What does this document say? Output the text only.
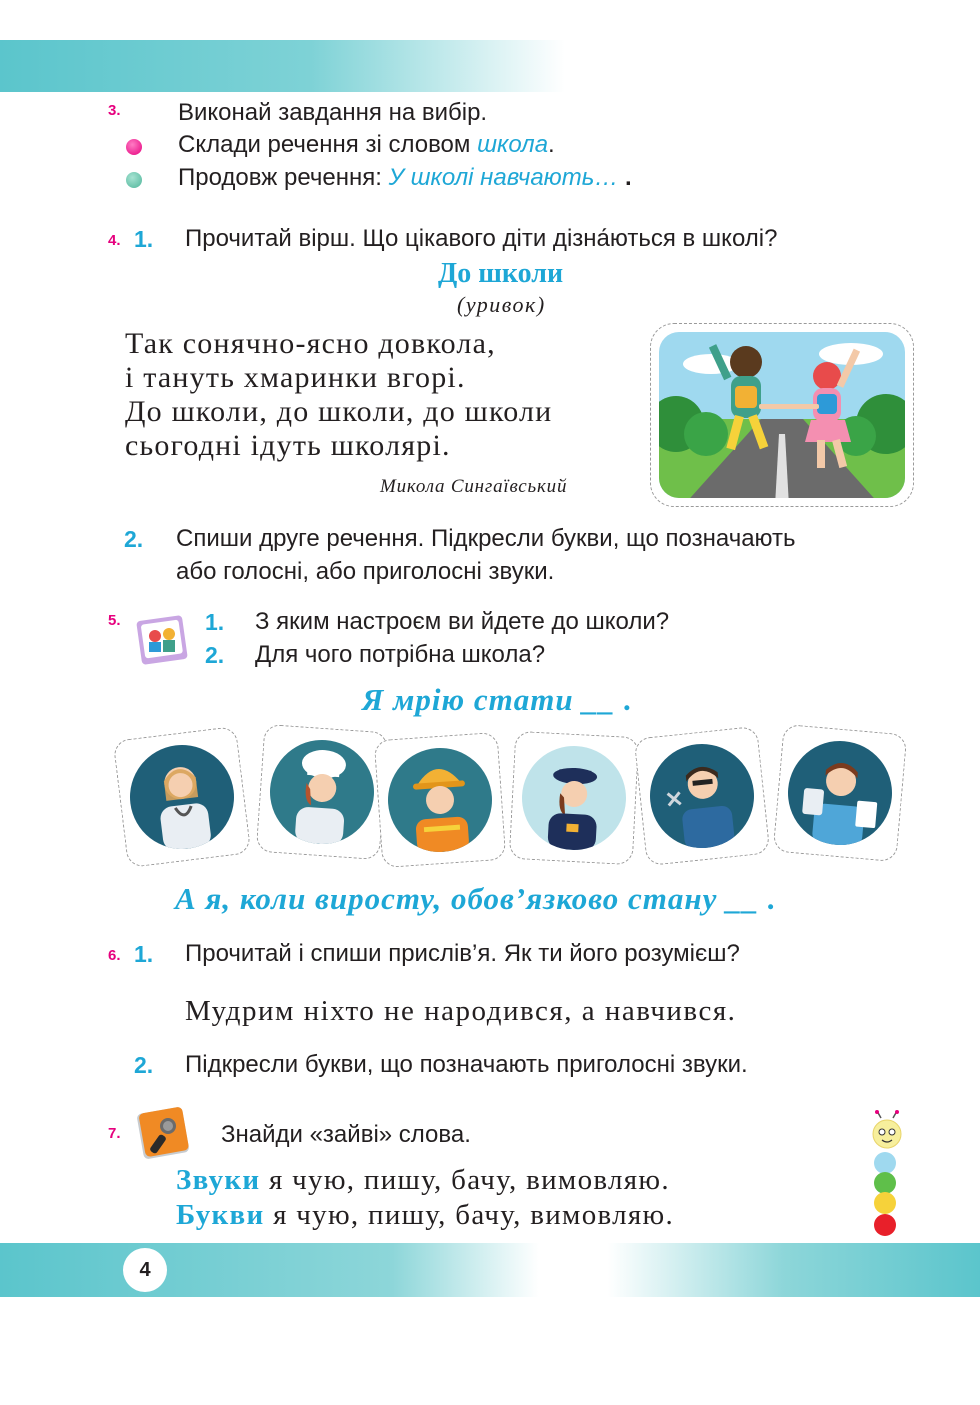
4
3. Виконай завдання на вибір.
Склади речення зі словом школа.
Продовж речення: У школі навчають… .
4. 1. Прочитай вірш. Що цікавого діти дізна́ються в школі?
До школи
(уривок)
Так сонячно-ясно довкола,
і тануть хмаринки вгорі.
До школи, до школи, до школи
сьогодні ідуть школярі.
Микола Сингаївський
2. Спиши друге речення. Підкресли букви, що позначають
або голосні, або приголосні звуки.
5.	1. З яким настроєм ви йдете до школи?
2. Для чого потрібна школа?
Я мрію стати __ .
А я, коли виросту, обов’язково стану __ .
6. 1. Прочитай і спиши прислів’я. Як ти його розумієш?
Мудрим ніхто не народився, а навчився.
2. Підкресли букви, що позначають приголосні звуки.
7.	Знайди «зайві» слова.
Звуки я чую, пишу, бачу, вимовляю.
Букви я чую, пишу, бачу, вимовляю.
